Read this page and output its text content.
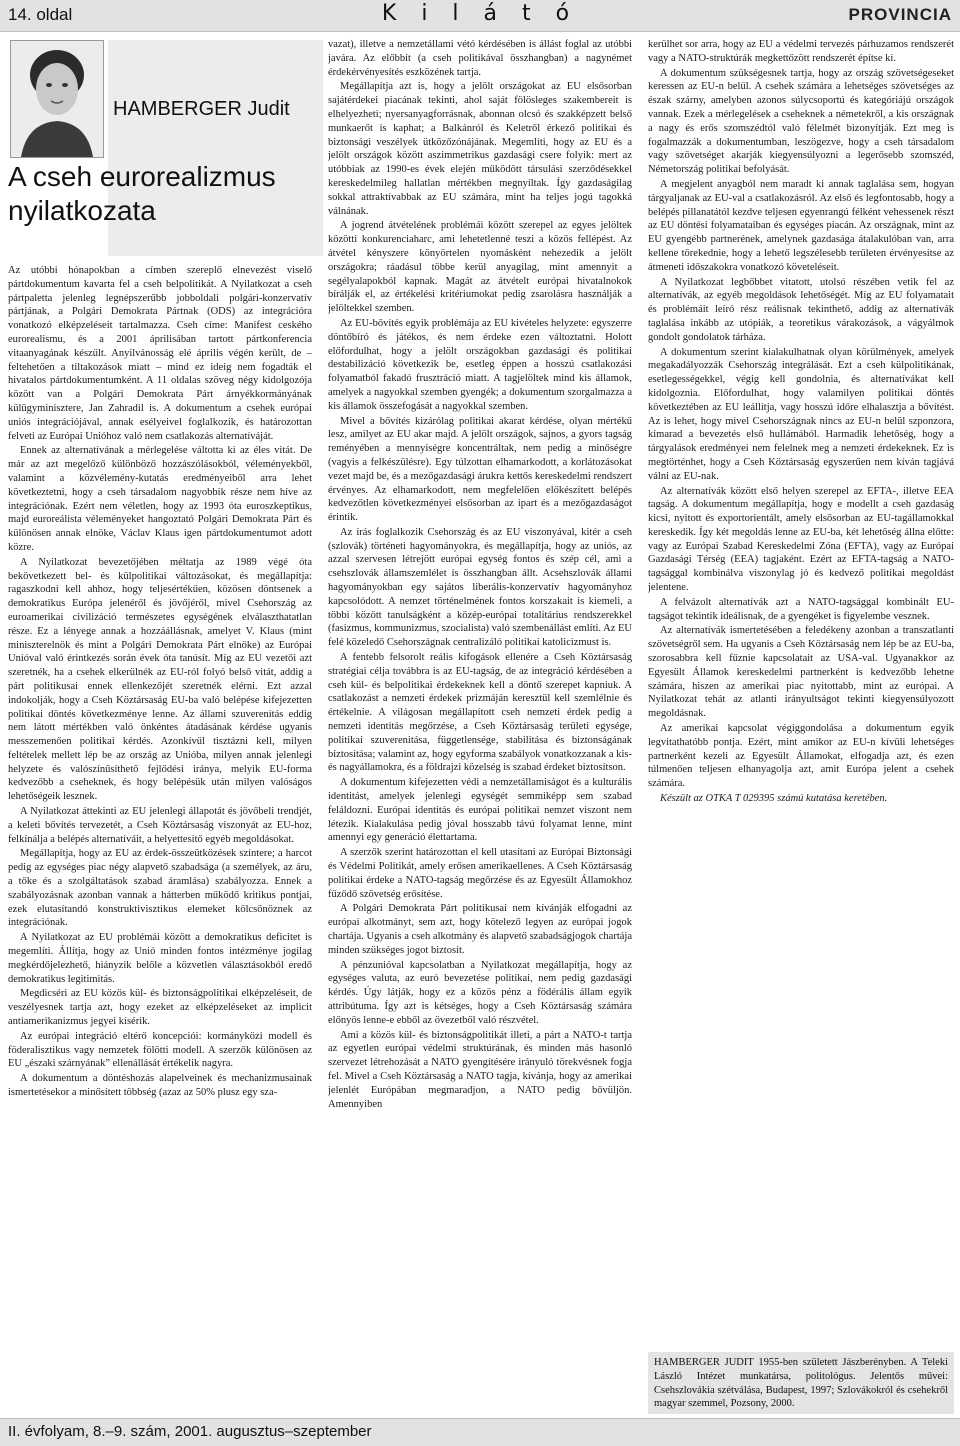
14. oldal	K i l á t ó	PROVINCIA
HAMBERGER Judit
A cseh eurorealizmus
nyilatkozata

Az utóbbi hónapokban a címben szereplő elnevezést viselő pártdokumentum kavarta fel a cseh belpolitikát. A Nyilatkozat a cseh pártpaletta jelenleg legnépszerűbb jobboldali polgári-konzervatív pártjának, a Polgári Demokrata Pártnak (ODS) az integrációra vonatkozó elképzeléseit tartalmazza. Cseh címe: Manifest ceského eurorealismu, és a 2001 áprilisában tartott pártkonferencia vitaanyagának készült. Anyilvánosság elé április végén került, de – feltehetően a tiltakozások miatt – mind ez ideig nem fogadták el hivatalos pártdokumentumként. A 11 oldalas szöveg négy kidolgozója között van a Polgári Demokrata Párt árnyékkormányának külügyminisztere, Jan Zahradil is. A dokumentum a csehek európai uniós integrációjával, annak esélyeivel foglalkozik, és határozottan felveti az Európai Unióhoz való nem csatlakozás alternatíváját.

Ennek az alternatívának a mérlegelése váltotta ki az éles vitát. De már az azt megelőző különböző hozzászólásokból, véleményekből, valamint a közvélemény-kutatás eredményeiből arra lehet következtetni, hogy a cseh társadalom nagyobbik része nem híve az integrációnak. Ezért nem véletlen, hogy az 1993 óta euroszkeptikus, majd euroreálista véleményeket hangoztató Polgári Demokrata Párt és különösen annak elnöke, Václav Klaus igen pártdokumentumot adott közre.

A Nyilatkozat bevezetőjében méltatja az 1989 végé óta bekövetkezett bel- és külpolitikai változásokat, és megállapítja: ragaszkodni kell ahhoz, hogy teljesértékűen, közösen döntsenek a demokratikus Európa jelenéről és jövőjéről, mivel Csehország az euroamerikai civilizáció természetes egységének elválaszthatatlan része. Ez a lényege annak a hozzáállásnak, amelyet V. Klaus (mint miniszterelnök és mint a Polgári Demokrata Párt elnöke) az Európai Unióval való érintkezés során évek óta tanúsít. Míg az EU vezetői azt szeretnék, ha a csehek elkerülnék az EU-ról folyó belső vitát, addig a párt politikusai ennek ellenkezőjét szeretnék elérni. Ezt azzal indokolják, hogy a Cseh Köztársaság EU-ba való belépése kifejezetten politikai döntés következménye lenne. Az állami szuverenitás eddig nem látott mértékben való önkéntes átadásának kérdése ugyanis messzemenően politikai kérdés. Azonkívül tisztázni kell, milyen feltételek mellett lép be az ország az Unióba, milyen annak jelenlegi helyzete és valószínűsíthető fejlődési iránya, melyik EU-forma kedvezőbb a cseheknek, és hogy belépésük után milyen valóságos lehetőségeik lesznek.

A Nyilatkozat áttekinti az EU jelenlegi állapotát és jövőbeli trendjét, a keleti bővítés tervezetét, a Cseh Köztársaság viszonyát az EU-hoz, felkínálja a belépés alternatíváit, a helyettesítő egyéb megoldásokat.

Megállapítja, hogy az EU az érdek-összeütközések színtere; a harcot pedig az egységes piac négy alapvető szabadsága (a személyek, az áru, a tőke és a szolgáltatások szabad áramlása) szabályozza. Ennek a szabályozásnak azonban vannak a hátterben működő kritikus pontjai, ezek elutasítandó konstruktivisztikus elemeket kölcsönöznek az integrációnak.

A Nyilatkozat az EU problémái között a demokratikus deficitet is megemlíti. Állítja, hogy az Unió minden fontos intézménye jogilag megkérdőjelezhető, hiányzik belőle a közvetlen választásokból eredő demokratikus legitimitás.

Megdicséri az EU közös kül- és biztonságpolitikai elképzeléseit, de veszélyesnek tartja azt, hogy ezeket az elképzeléseket az implicit antiamerikanizmus jegyei kísérik.

Az európai integráció eltérő koncepciói: kormányközi modell és föderalisztikus vagy nemzetek fölötti modell. A szerzők különösen az EU „északi szárnyának” ellenállását értékelik nagyra.

A dokumentum a döntéshozás alapelveinek és mechanizmusainak ismertetésekor a minősített többség (azaz az 50% plusz egy sza-

vazat), illetve a nemzetállami vétó kérdésében is állást foglal az utóbbi javára. Az előbbit (a cseh politikával összhangban) a nagynémet érdekérvényesítés eszközének tartja.

Megállapítja azt is, hogy a jelölt országokat az EU elsősorban sajátérdekei piacának tekinti, ahol saját fölösleges szakembereit is elhelyezheti; nyersanyagforrásnak, abonnan olcsó és szakképzett belső munkaerőt is kaphat; a Balkánról és Keletről érkező politikai és biztonsági veszélyek ütközőzónájának. Megemlíti, hogy az EU és a jelölt országok között aszimmetrikus gazdasági csere folyik: mert az utóbbiak az 1990-es évek elején működött társulási szerződésekkel kereskedelmileg hallatlan mértékben megnyíltak. Így gazdaságilag sokkal attraktívabbak az EU számára, mint ha teljes jogú tagokká válnának.

A jogrend átvételének problémái között szerepel az egyes jelöltek közötti konkurenciaharc, ami lehetetlenné teszi a közös fellépést. Az átvétel kényszere könyörtelen nyomásként nehezedik a jelölt országokra; ráadásul többe kerül anyagilag, mint amennyit a segélyalapokból kapnak. Magát az átvételt európai hivatalnokok bírálják el, az értékelési kritériumokat pedig zsarolásra használják a jelöltekkel szemben.

Az EU-bővítés egyik problémája az EU kivételes helyzete: egyszerre döntőbíró és játékos, és nem érdeke ezen változtatni. Holott előfordulhat, hogy a jelölt országokban gazdasági és politikai destabilizáció következik be, esetleg éppen a hosszú csatlakozási folyamatból fakadó frusztráció miatt. A tagjelöltek mind kis államok, amelyek a nagyokkal szemben gyengék; a dokumentum szorgalmazza a kis államok összefogását a nagyokkal szemben.

Mivel a bővítés kizárólag politikai akarat kérdése, olyan mértékű lesz, amilyet az EU akar majd. A jelölt országok, sajnos, a gyors tagság reményében a mennyiségre koncentráltak, nem pedig a minőségre (vagyis a felkészülésre). Egy túlzottan elhamarkodott, a korlátozásokat vezet majd be, és a mezőgazdasági árukra kettős kereskedelmi rendszert érvényes. Az elhamarkodott, nem megfelelően előkészített belépés kedvezőtlen következményei elsősorban az ipart és a mezőgazdaságot érintik.

Az írás foglalkozik Csehország és az EU viszonyával, kitér a cseh (szlovák) történeti hagyományokra, és megállapítja, hogy az uniós, az azzal szervesen létrejött európai egység fontos és szép cél, ami a csehszlovák államszemlélet is összhangban állt. Acsehszlovák állami hagyományokban egy sajátos liberális-konzervatív hagyományhoz kapcsolódott. A nemzet történelmének fontos korszakait is kiemeli, a többi között tanulságként a közép-európai totalitárius rendszerekkel (fasizmus, kommunizmus, szocialista) való szembenállást említi. Az EU felé közeledő Csehországnak centralizáló politikai katolicizmust is.

A fentebb felsorolt reális kifogások ellenére a Cseh Köztársaság stratégiai célja továbbra is az EU-tagság, de az integráció kérdésében a cseh kül- és belpolitikai érdekeknek kell a döntő szerepet kapniuk. A csatlakozást a nemzeti érdekek prizmáján keresztül kell szemlélnie és értékelnie. A világosan megállapított cseh nemzeti érdek pedig a nemzeti identitás megőrzése, a Cseh Köztársaság területi egysége, politikai szuverenitása, függetlensége, stabilitása és biztonságának biztosítása; valamint az, hogy egyforma szabályok vonatkozzanak a kis- és nagyállamokra, és a földrajzi közelség is szabad érdeket biztosítson.

A dokumentum kifejezetten védi a nemzetállamiságot és a kulturális identitást, amelyek jelenlegi egységét semmiképp sem szabad feláldozni. Európai identitás és európai politikai nemzet viszont nem létezik. Kialakulása pedig jóval hosszabb távú folyamat lenne, mint amennyi egy generáció élettartama.

A szerzők szerint határozottan el kell utasítani az Európai Biztonsági és Védelmi Politikát, amely erősen amerikaellenes. A Cseh Köztársaság politikai érdeke a NATO-tagság megőrzése és az Egyesült Államokhoz fűződő szövetség erősítése.

A Polgári Demokrata Párt politikusai nem kívánják elfogadni az európai alkotmányt, sem azt, hogy kötelező legyen az európai jogok chartája. Ugyanis a cseh alkotmány és alapvető szabadságjogok chartája minden szükséges jogot biztosít.

A pénzunióval kapcsolatban a Nyilatkozat megállapítja, hogy az egységes valuta, az euró bevezetése politikai, nem pedig gazdasági kérdés. Úgy látják, hogy ez a közös pénz a födérális állam egyik attribútuma. Így azt is kétséges, hogy a Cseh Köztársaság számára előnyös lenne-e ebből az övezetből való részvétel.

Ami a közös kül- és biztonságpolitikát illeti, a párt a NATO-t tartja az egyetlen európai védelmi struktúrának, és minden más hasonló szervezet létrehozását a NATO gyengítésére irányuló törekvésnek fogja fel. Mivel a Cseh Köztársaság a NATO tagja, kívánja, hogy az amerikai jelenlét Európában megmaradjon, a NATO pedig bővüljön. Amennyiben

kerülhet sor arra, hogy az EU a védelmi tervezés párhuzamos rendszerét vagy a NATO-struktúrák megkettőzött rendszerét építse ki.

A dokumentum szükségesnek tartja, hogy az ország szövetségeseket keressen az EU-n belül. A csehek számára a lehetséges szövetséges az észak szárny, amelyben azonos súlycsoportú és kategóriájú országok vannak. Ezek a mérlegelések a cseheknek a németekről, a kis országnak a nagy és erős szomszédtól való félelmét bizonyítják. Ezt meg is fogalmazzák a dokumentumban, leszögezve, hogy a cseh társadalom vagy szövetséget akarják kiegyensúlyozni a legerősebb szomszéd, Németország politikai befolyását.

A megjelent anyagból nem maradt ki annak taglalása sem, hogyan tárgyaljanak az EU-val a csatlakozásról. Az első és legfontosabb, hogy a belépés pillanatától kezdve teljesen egyenrangú félként vehessenek részt az EU döntési folyamataiban és egységes piacán. Az országnak, mint az EU gyengébb partnerének, amelynek gazdasága átalakulóban van, arra kellene törekednie, hogy a lehető legszélesebb területen érvényesítse az átmeneti időszakokra vonatkozó követeléseit.

A Nyilatkozat legbőbbet vitatott, utolsó részében vetik fel az alternatívák, az egyéb megoldások lehetőségét. Míg az EU folyamatait és problémáit leíró rész reálisnak tekinthető, addig az alternatívák taglalása inkább az utópiák, a teoretikus várakozások, a vágyálmok gondolt gondolatok tárháza.

A dokumentum szerint kialakulhatnak olyan körülmények, amelyek megakadályozzák Csehország integrálását. Ezt a cseh külpolitikának, esetlegességekkel, végig kell gondolnia, és alternatívákat kell kidolgoznia. Előfordulhat, hogy valamilyen politikai döntés következtében az EU leállítja, vagy hosszú időre elhalasztja a bővítést. Az is lehet, hogy mivel Csehországnak nincs az EU-n belül szponzora, kimarad a bevezetés első hullámából. Harmadik lehetőség, hogy a tárgyalások eredményei nem felelnek meg a nemzeti érdekeknek. Ez is megtörténhet, hogy a Cseh Köztársaság egyszerűen nem kíván tagjává válni az EU-nak.

Az alternatívák között első helyen szerepel az EFTA-, illetve EEA tagság. A dokumentum megállapítja, hogy e modellt a cseh gazdaság kicsi, nyitott és exportorientált, amely elsősorban az EU-tagállamokkal kereskedik. Így két megoldás lenne az EU-ba, két lehetőség állna előtte: vagy az Európai Szabad Kereskedelmi Zóna (EFTA), vagy az Európai Gazdasági Térség (EEA) tagjaként. Ezért az EFTA-tagság a NATO-tagsággal kombinálva viszonylag jó és kedvező politikai megoldást jelentene.

A felvázolt alternatívák azt a NATO-tagsággal kombinált EU-tagságot tekintik ideálisnak, de a gyengéket is figyelembe vesznek.

Az alternatívák ismertetésében a feledékeny azonban a transzatlanti szövetségről sem. Ha ugyanis a Cseh Köztársaság nem lép be az EU-ba, szorosabbra kell fűznie kapcsolatait az USA-val. Ugyanakkor az Egyesült Államok kereskedelmi partnerként is kedvezőbb lehetne számára, hiszen az amerikai piac nyitottabb, mint az európai. A Nyilatkozat tehát az atlanti irányultságot tekinti kiegyensúlyozott megoldásnak.

Az amerikai kapcsolat végiggondolása a dokumentum egyik legvitathatóbb pontja. Ezért, mint amikor az EU-n kívüli lehetséges partnerként kezeli az Egyesült Államokat, elfogadja azt, és ezen túlmenően teljesen elhanyagolja azt, amit Európa jelent a csehek számára.

Készült az OTKA T 029395 számú kutatása keretében.

HAMBERGER JUDIT 1955-ben született Jászberényben. A Teleki László Intézet munkatársa, politológus. Jelentős művei: Csehszlovákia szétválása, Budapest, 1997; Szlovákokról és csehekről magyar szemmel, Pozsony, 2000.
II. évfolyam, 8.–9. szám, 2001. augusztus–szeptember
